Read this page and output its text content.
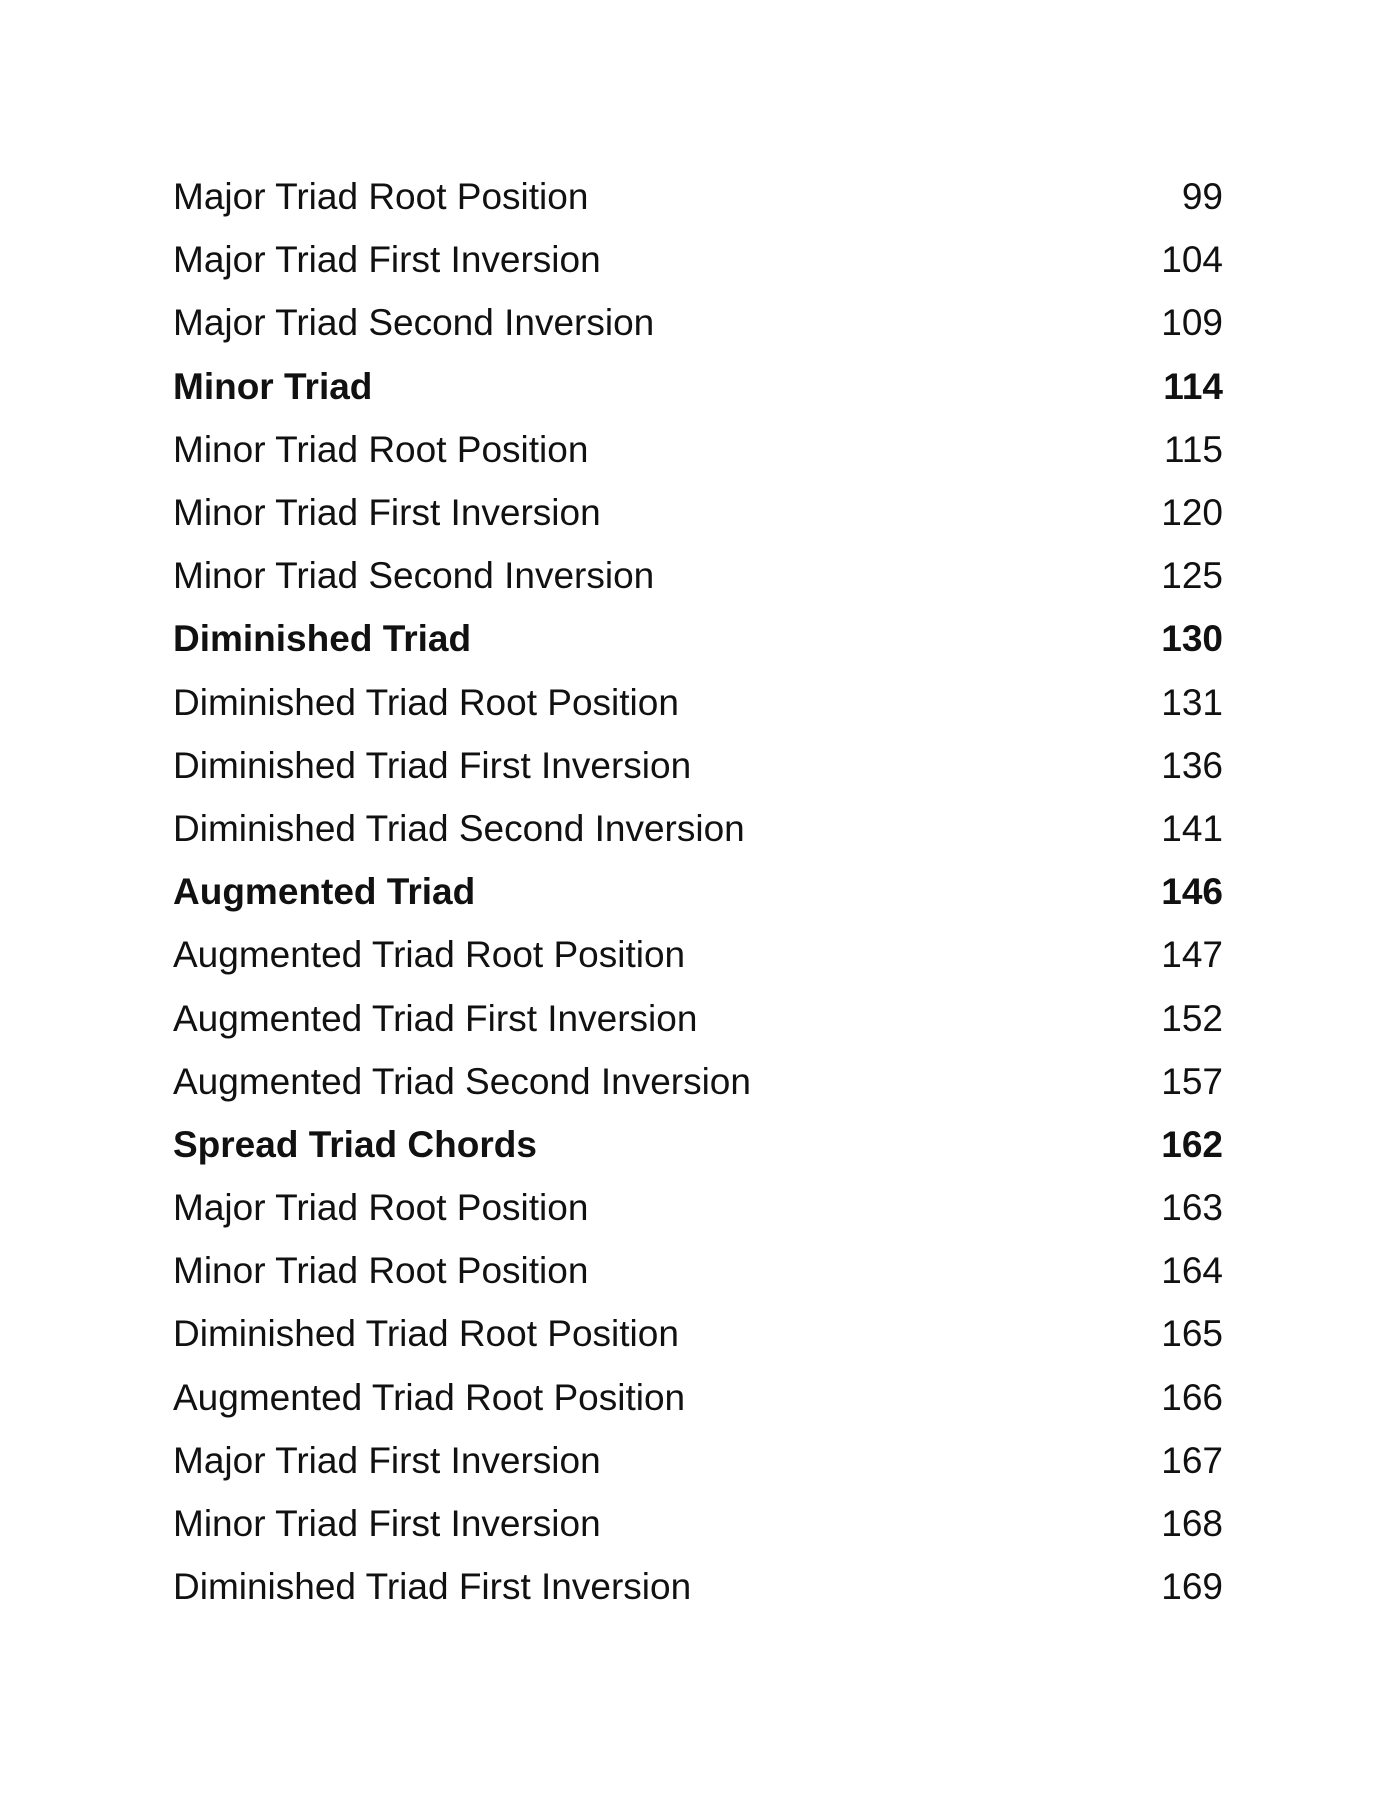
Major Triad Root Position	99
Major Triad First Inversion	104
Major Triad Second Inversion	109
Minor Triad	114
Minor Triad Root Position	115
Minor Triad First Inversion	120
Minor Triad Second Inversion	125
Diminished Triad	130
Diminished Triad Root Position	131
Diminished Triad First Inversion	136
Diminished Triad Second Inversion	141
Augmented Triad	146
Augmented Triad Root Position	147
Augmented Triad First Inversion	152
Augmented Triad Second Inversion	157
Spread Triad Chords	162
Major Triad Root Position	163
Minor Triad Root Position	164
Diminished Triad Root Position	165
Augmented Triad Root Position	166
Major Triad First Inversion	167
Minor Triad First Inversion	168
Diminished Triad First Inversion	169
